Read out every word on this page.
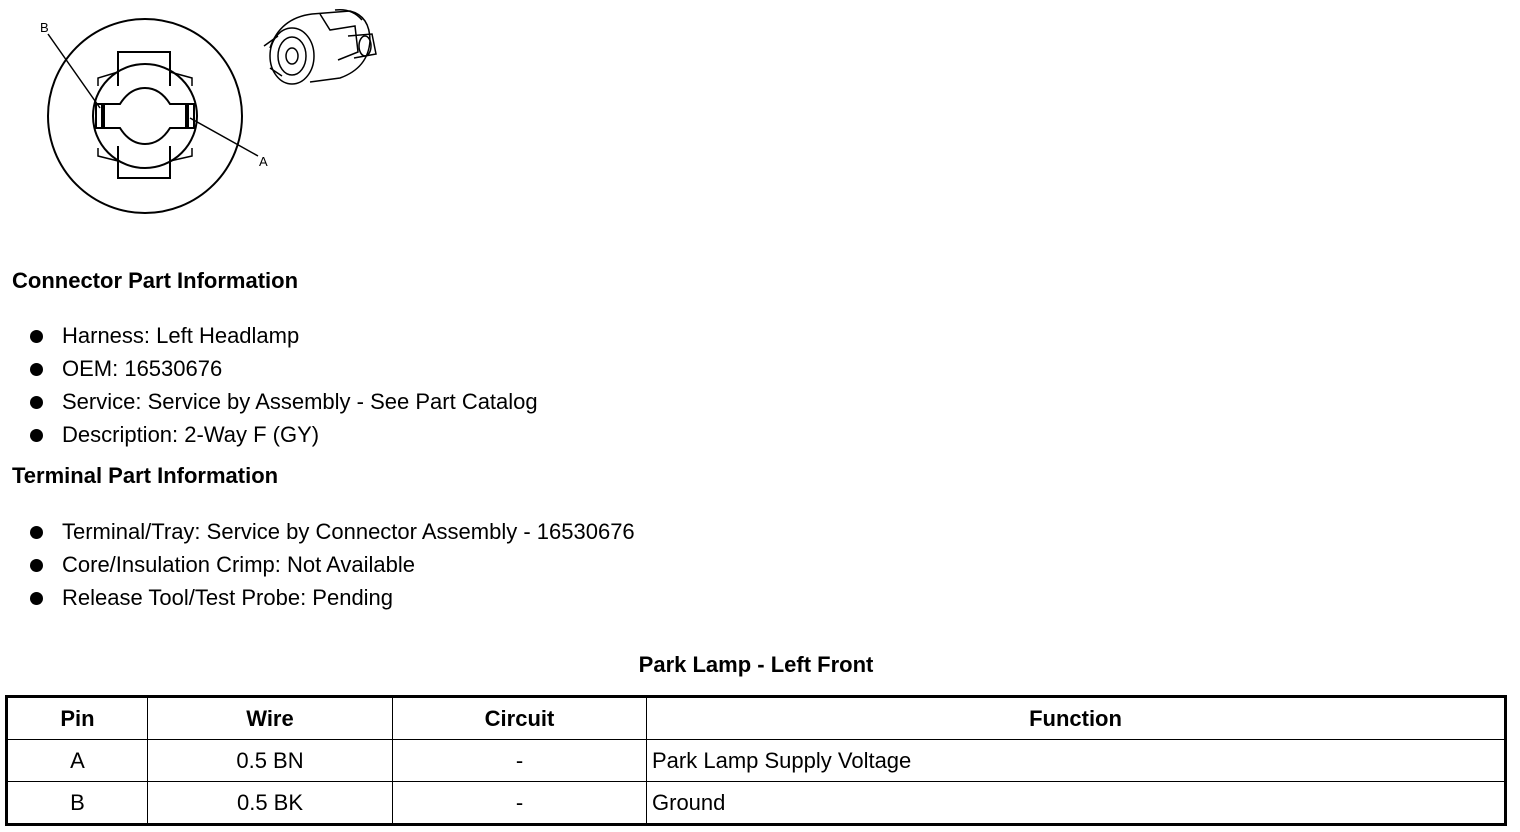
B
A
Connector Part Information
Harness: Left Headlamp
OEM: 16530676
Service: Service by Assembly - See Part Catalog
Description: 2-Way F (GY)
Terminal Part Information
Terminal/Tray: Service by Connector Assembly - 16530676
Core/Insulation Crimp: Not Available
Release Tool/Test Probe: Pending
Park Lamp - Left Front
Pin	Wire	Circuit	Function
A	0.5 BN	-	Park Lamp Supply Voltage
B	0.5 BK	-	Ground
